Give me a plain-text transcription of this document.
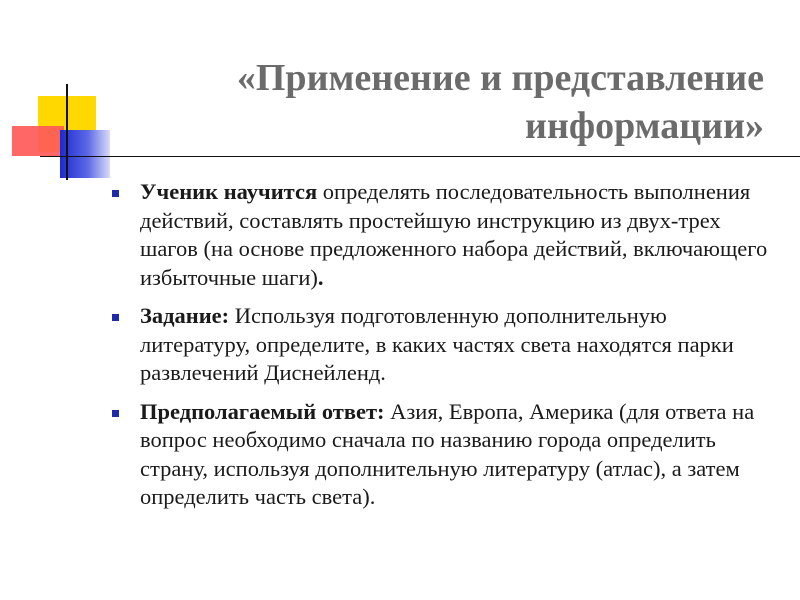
«Применение и представление
информации»
Ученик научится определять последовательность выполнения действий, составлять простейшую инструкцию из двух-трех шагов (на основе предложенного набора действий, включающего избыточные шаги).
Задание: Используя подготовленную дополнительную литературу, определите, в каких частях света находятся парки развлечений Диснейленд.
Предполагаемый ответ: Азия, Европа, Америка (для ответа на вопрос необходимо сначала по названию города определить страну, используя дополнительную литературу (атлас), а затем определить часть света).
